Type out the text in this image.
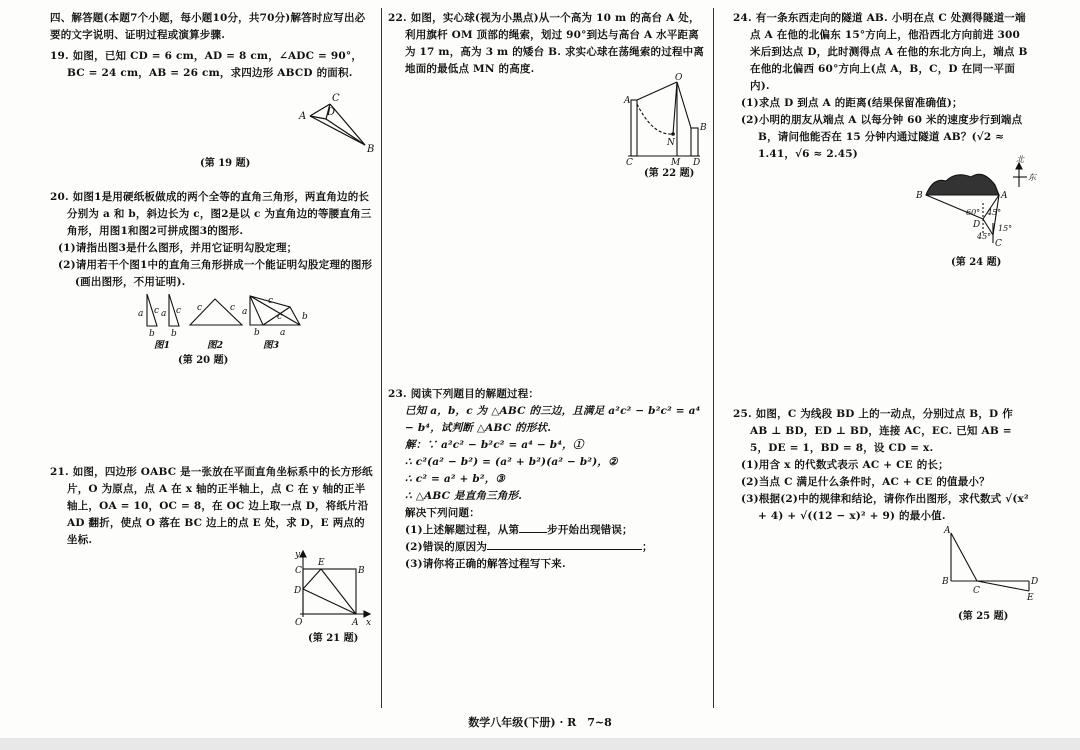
四、解答题(本题7个小题，每小题10分，共70分)解答时应写出必要的文字说明、证明过程或演算步骤.

19. 如图，已知 CD = 6 cm，AD = 8 cm，∠ADC = 90°，BC = 24 cm，AB = 26 cm，求四边形 ABCD 的面积.

A
B
C
D

(第 19 题)

20. 如图1是用硬纸板做成的两个全等的直角三角形，两直角边的长分别为 a 和 b，斜边长为 c，图2是以 c 为直角边的等腰直角三角形，用图1和图2可拼成图3的图形.

(1)请指出图3是什么图形，并用它证明勾股定理；

(2)请用若干个图1中的直角三角形拼成一个能证明勾股定理的图形(画出图形，不用证明).

a
b
c a
b
c c	c
c
c
a
b
b
a
图1	图2	图3

(第 20 题)

21. 如图，四边形 OABC 是一张放在平面直角坐标系中的长方形纸片，O 为原点，点 A 在 x 轴的正半轴上，点 C 在 y 轴的正半轴上，OA = 10，OC = 8，在 OC 边上取一点 D，将纸片沿 AD 翻折，使点 O 落在 BC 边上的点 E 处，求 D，E 两点的坐标.

y
C
E
B
D
O	A x

(第 21 题)

22. 如图，实心球(视为小黑点)从一个高为 10 m 的高台 A 处，利用旗杆 OM 顶部的绳索，划过 90°到达与高台 A 水平距离为 17 m，高为 3 m 的矮台 B. 求实心球在荡绳索的过程中离地面的最低点 MN 的高度.

O
A
B
N
C	M D

(第 22 题)

23. 阅读下列题目的解题过程：

已知 a，b，c 为 △ABC 的三边，且满足 a²c² − b²c² = a⁴ − b⁴，试判断 △ABC 的形状.

解：∵ a²c² − b²c² = a⁴ − b⁴，①

∴ c²(a² − b²) = (a² + b²)(a² − b²)，②

∴ c² = a² + b²，③

∴ △ABC 是直角三角形.

解决下列问题：

(1)上述解题过程，从第	步开始出现错误；

(2)错误的原因为	；

(3)请你将正确的解答过程写下来.

24. 有一条东西走向的隧道 AB. 小明在点 C 处测得隧道一端点 A 在他的北偏东 15°方向上，他沿西北方向前进 300 米后到达点 D，此时测得点 A 在他的东北方向上，端点 B 在他的北偏西 60°方向上(点 A，B，C，D 在同一平面内).

(1)求点 D 到点 A 的距离(结果保留准确值)；

(2)小明的朋友从端点 A 以每分钟 60 米的速度步行到端点 B，请问他能否在 15 分钟内通过隧道 AB？(√2 ≈ 1.41，√6 ≈ 2.45)	北
东
B	A
60° 45°
D 15°
45°
C

(第 24 题)

25. 如图，C 为线段 BD 上的一动点，分别过点 B，D 作 AB ⊥ BD，ED ⊥ BD，连接 AC，EC. 已知 AB = 5，DE = 1，BD = 8，设 CD = x.

(1)用含 x 的代数式表示 AC + CE 的长；

(2)当点 C 满足什么条件时，AC + CE 的值最小？

(3)根据(2)中的规律和结论，请你作出图形，求代数式 √(x² + 4) + √((12 − x)² + 9) 的最小值.

A
B
C
D
E

(第 25 题)

数学八年级(下册) · R　7~8
